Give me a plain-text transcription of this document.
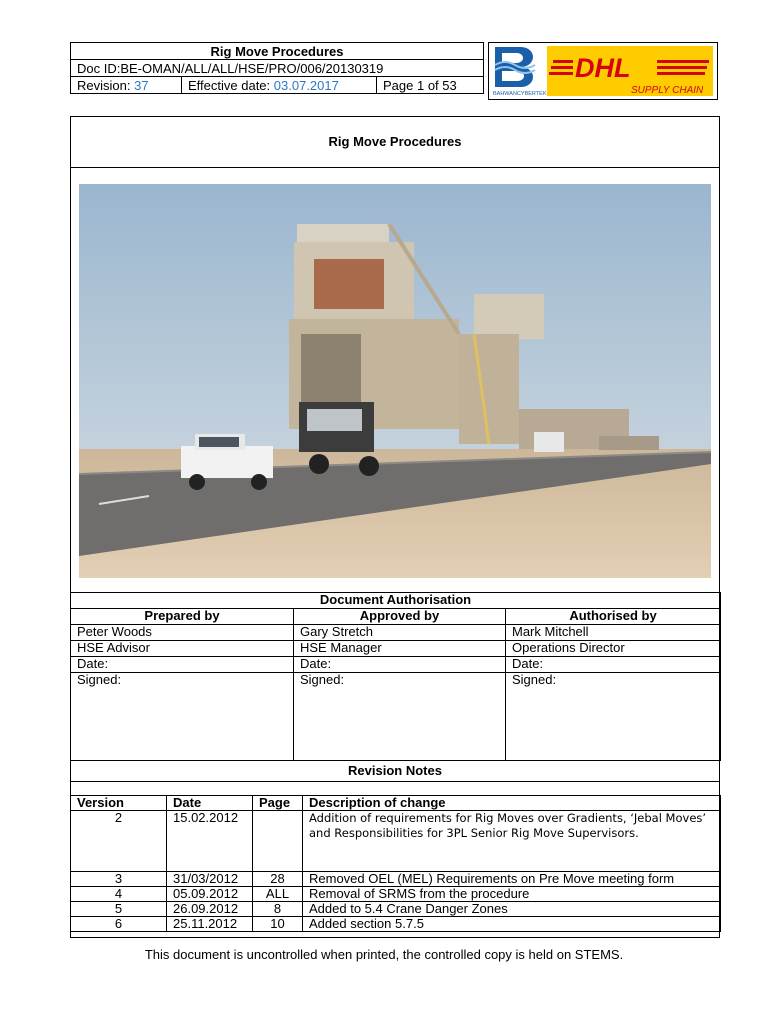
Rig Move Procedures
Doc ID:BE-OMAN/ALL/ALL/HSE/PRO/006/20130319
Revision: 37	Effective date: 03.07.2017	Page 1 of 53
BAHWANCYBERTEK
DHL
SUPPLY CHAIN
Rig Move Procedures
Document Authorisation		
Prepared by	Approved by	Authorised by
Peter Woods	Gary Stretch	Mark Mitchell
HSE Advisor	HSE Manager	Operations Director
Date:	Date:	Date:
Signed:	Signed:	Signed:
Revision Notes
Version	Date	Page	Description of change
2	15.02.2012		Addition of requirements for Rig Moves over Gradients, ‘Jebal Moves’ and Responsibilities for 3PL Senior Rig Move Supervisors.
3	31/03/2012	28	Removed OEL (MEL) Requirements on Pre Move meeting form
4	05.09.2012	ALL	Removal of SRMS from the procedure
5	26.09.2012	8	Added to 5.4 Crane Danger Zones
6	25.11.2012	10	Added section 5.7.5
This document is uncontrolled when printed, the controlled copy is held on STEMS.
